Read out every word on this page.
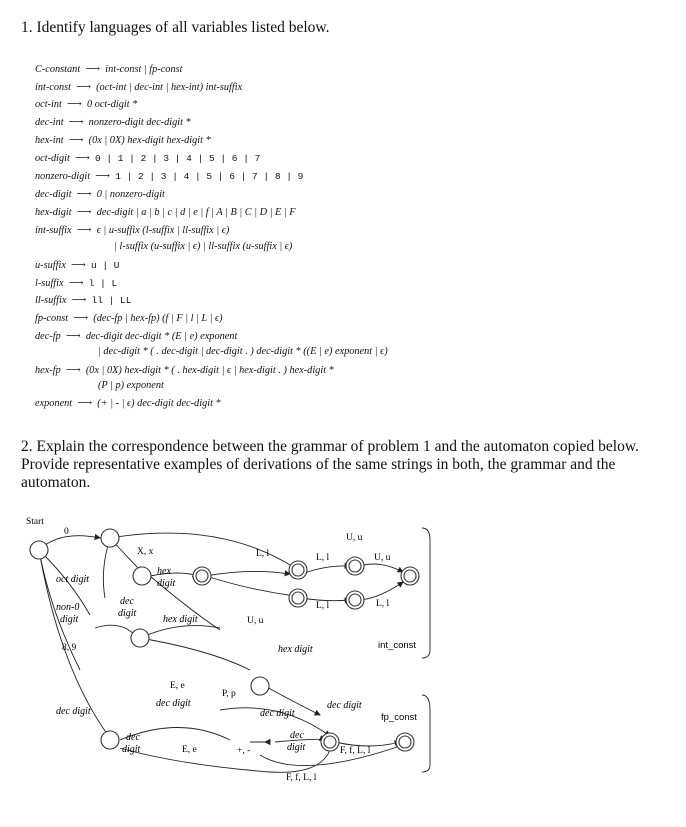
1. Identify languages of all variables listed below.
C-constant ⟶ int-const | fp-const
int-const ⟶ (oct-int | dec-int | hex-int) int-suffix
oct-int ⟶ 0 oct-digit *
dec-int ⟶ nonzero-digit dec-digit *
hex-int ⟶ (0x | 0X) hex-digit hex-digit *
oct-digit ⟶ 0 | 1 | 2 | 3 | 4 | 5 | 6 | 7
nonzero-digit ⟶ 1 | 2 | 3 | 4 | 5 | 6 | 7 | 8 | 9
dec-digit ⟶ 0 | nonzero-digit
hex-digit ⟶ dec-digit | a | b | c | d | e | f | A | B | C | D | E | F
int-suffix ⟶ ϵ | u-suffix (l-suffix | ll-suffix | ϵ)
| l-suffix (u-suffix | ϵ) | ll-suffix (u-suffix | ϵ)
u-suffix ⟶ u | U
l-suffix ⟶ l | L
ll-suffix ⟶ ll | LL
fp-const ⟶ (dec-fp | hex-fp) (f | F | l | L | ϵ)
dec-fp ⟶ dec-digit dec-digit * (E | e) exponent
| dec-digit * ( . dec-digit | dec-digit . ) dec-digit * ((E | e) exponent | ϵ)
hex-fp ⟶ (0x | 0X) hex-digit * ( . hex-digit | ϵ | hex-digit . ) hex-digit *
(P | p) exponent
exponent ⟶ (+ | - | ϵ) dec-digit dec-digit *

2. Explain the correspondence between the grammar of problem 1 and the automaton copied below. Provide representative examples of derivations of the same strings in both, the grammar and the automaton.

Start
0
oct digit
non-0
digit
8, 9
dec digit
X, x
hex
digit
dec
digit
hex digit	U, u
L, l	L, l
L, l
U, u
U, u
L, l
int_const
hex digit
E, e
dec digit
P, p
dec digit
dec digit
fp_const
dec
digit	E, e	+, -
dec
digit	F, f, L, l
F, f, L, l
